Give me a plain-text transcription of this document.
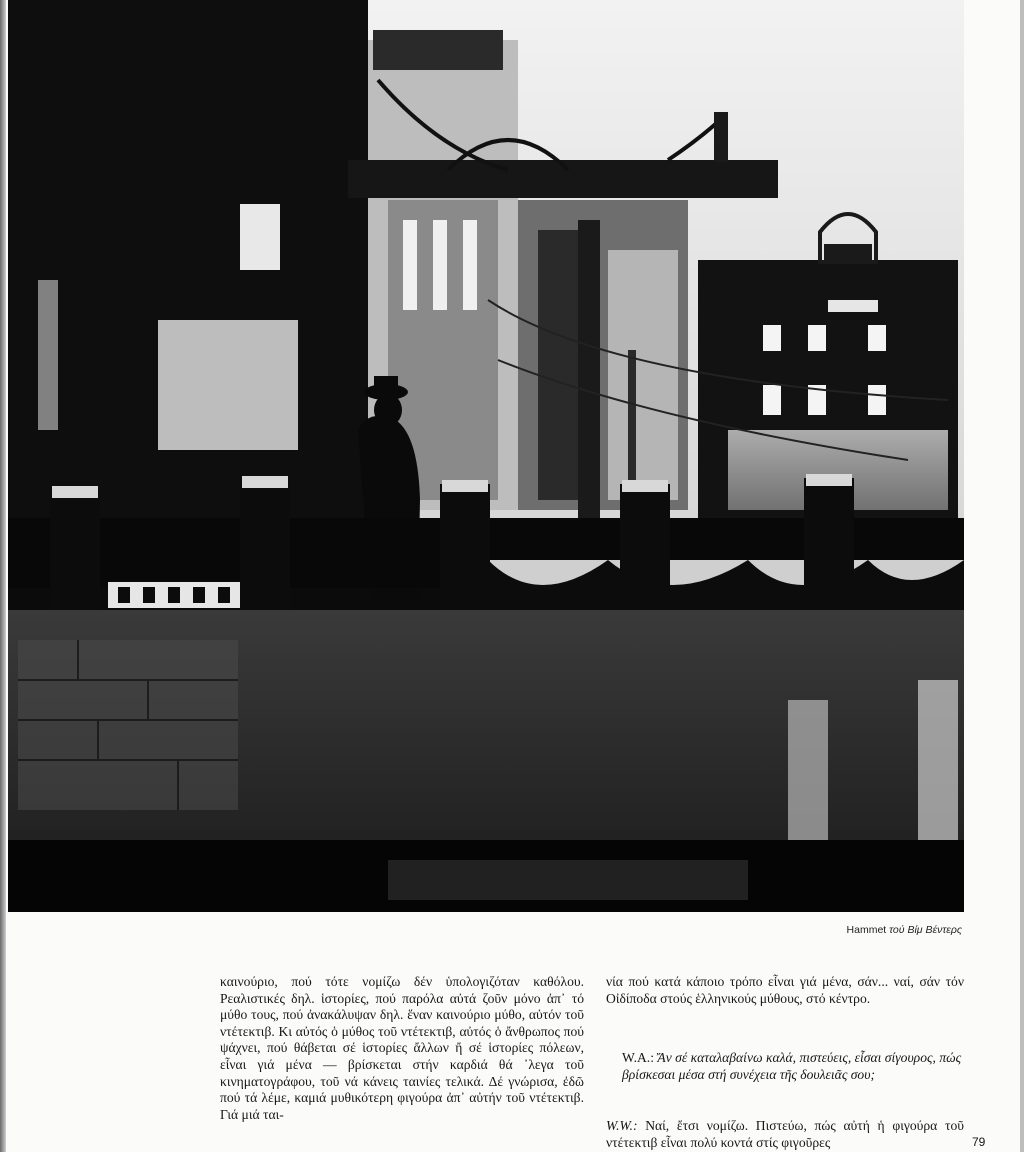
Hammet τού Βίμ Βέντερς

καινούριο, πού τότε νομίζω δέν ὑπολογιζόταν καθόλου. Ρεαλιστικές δηλ. ἱστορίες, πού παρόλα αὐτά ζοῦν μόνο ἀπ᾽ τό μύθο τους, πού ἀνακάλυψαν δηλ. ἕναν καινούριο μύθο, αὐτόν τοῦ ντέτεκτιβ. Κι αὐτός ὁ μύθος τοῦ ντέτεκτιβ, αὐτός ὁ ἄνθρωπος πού ψάχνει, πού θάβεται σέ ἱστορίες ἄλλων ἤ σέ ἱστορίες πόλεων, εἶναι γιά μένα — βρίσκεται στήν καρδιά θά ᾽λεγα τοῦ κινηματογράφου, τοῦ νά κάνεις ταινίες τελικά. Δέ γνώρισα, ἐδῶ πού τά λέμε, καμιά μυθικότερη φιγούρα ἀπ᾽ αὐτήν τοῦ ντέτεκτιβ. Γιά μιά ται-

νία πού κατά κάποιο τρόπο εἶναι γιά μένα, σάν... ναί, σάν τόν Οἰδίποδα στούς ἑλληνικούς μύθους, στό κέντρο.

W.A.: Ἄν σέ καταλαβαίνω καλά, πιστεύεις, εἶσαι σίγουρος, πώς βρίσκεσαι μέσα στή συνέχεια τῆς δουλειᾶς σου;

W.W.: Ναί, ἔτσι νομίζω. Πιστεύω, πώς αὐτή ἡ φιγούρα τοῦ ντέτεκτιβ εἶναι πολύ κοντά στίς φιγοῦρες	79
